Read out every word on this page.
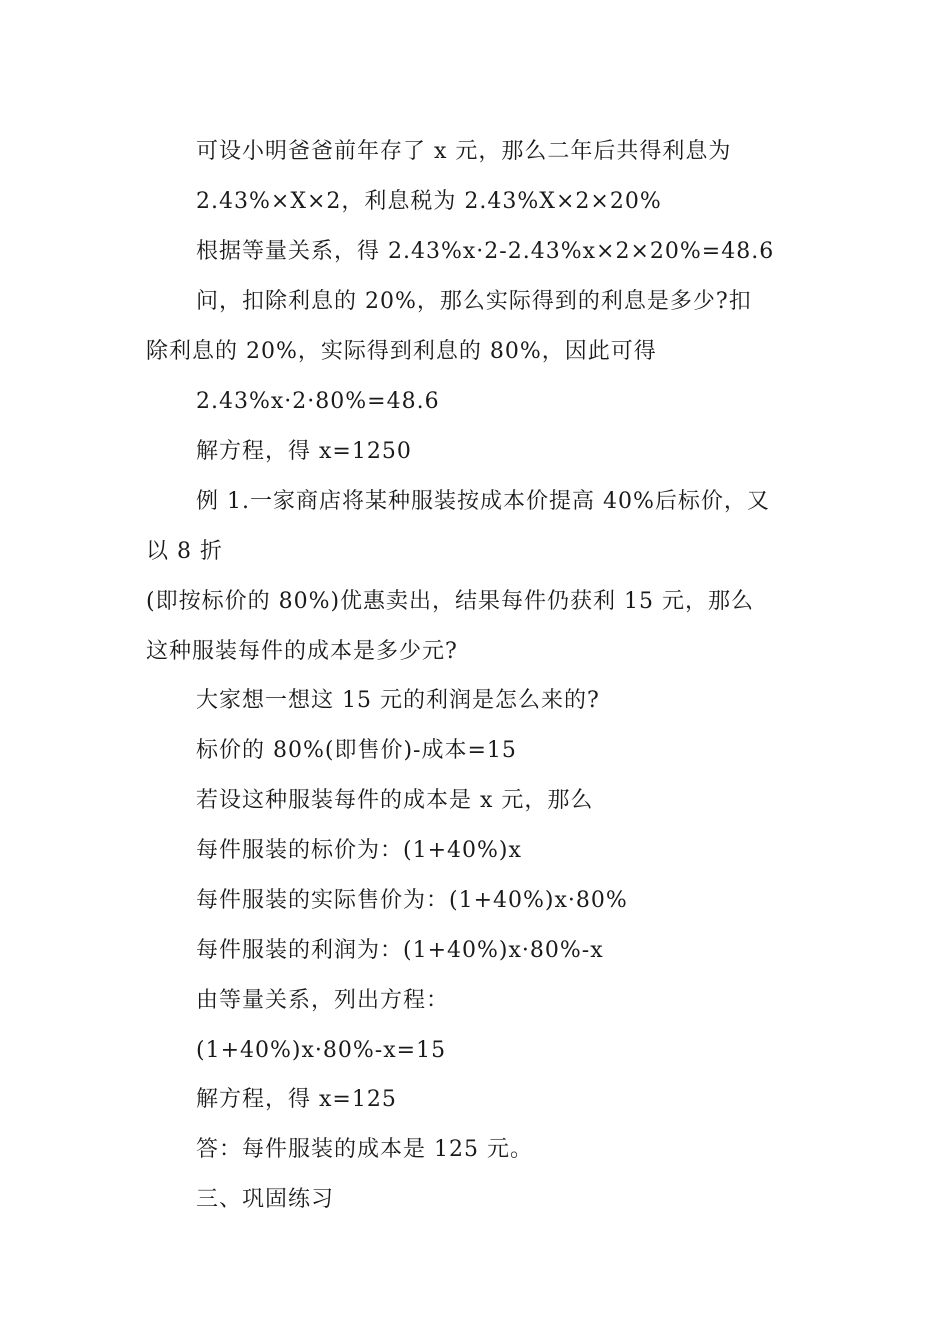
可设小明爸爸前年存了 x 元，那么二年后共得利息为
2.43%×X×2，利息税为 2.43%X×2×20%
根据等量关系，得 2.43%x·2-2.43%x×2×20%=48.6
问，扣除利息的 20%，那么实际得到的利息是多少?扣
除利息的 20%，实际得到利息的 80%，因此可得
2.43%x·2·80%=48.6
解方程，得 x=1250
例 1.一家商店将某种服装按成本价提高 40%后标价，又
以 8 折
(即按标价的 80%)优惠卖出，结果每件仍获利 15 元，那么
这种服装每件的成本是多少元?
大家想一想这 15 元的利润是怎么来的?
标价的 80%(即售价)-成本=15
若设这种服装每件的成本是 x 元，那么
每件服装的标价为：(1+40%)x
每件服装的实际售价为：(1+40%)x·80%
每件服装的利润为：(1+40%)x·80%-x
由等量关系，列出方程：
(1+40%)x·80%-x=15
解方程，得 x=125
答：每件服装的成本是 125 元。
三、巩固练习
